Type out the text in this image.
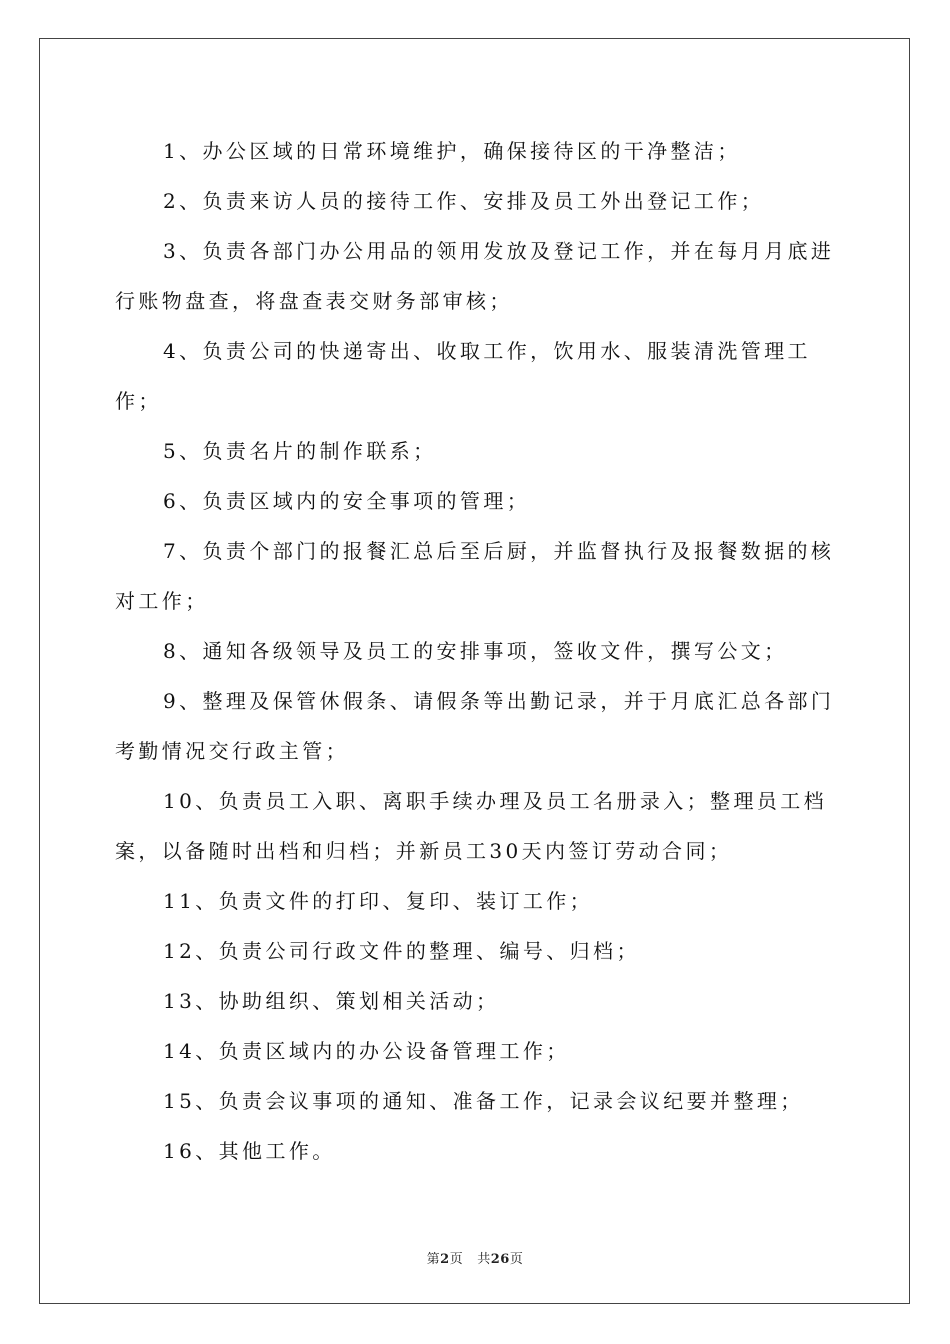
1、办公区域的日常环境维护，确保接待区的干净整洁；

2、负责来访人员的接待工作、安排及员工外出登记工作；

3、负责各部门办公用品的领用发放及登记工作，并在每月月底进行账物盘查，将盘查表交财务部审核；

4、负责公司的快递寄出、收取工作，饮用水、服装清洗管理工作；

5、负责名片的制作联系；

6、负责区域内的安全事项的管理；

7、负责个部门的报餐汇总后至后厨，并监督执行及报餐数据的核对工作；

8、通知各级领导及员工的安排事项，签收文件，撰写公文；

9、整理及保管休假条、请假条等出勤记录，并于月底汇总各部门考勤情况交行政主管；

10、负责员工入职、离职手续办理及员工名册录入；整理员工档案，以备随时出档和归档；并新员工30天内签订劳动合同；

11、负责文件的打印、复印、装订工作；

12、负责公司行政文件的整理、编号、归档；

13、协助组织、策划相关活动；

14、负责区域内的办公设备管理工作；

15、负责会议事项的通知、准备工作，记录会议纪要并整理；

16、其他工作。

第2页 共26页
